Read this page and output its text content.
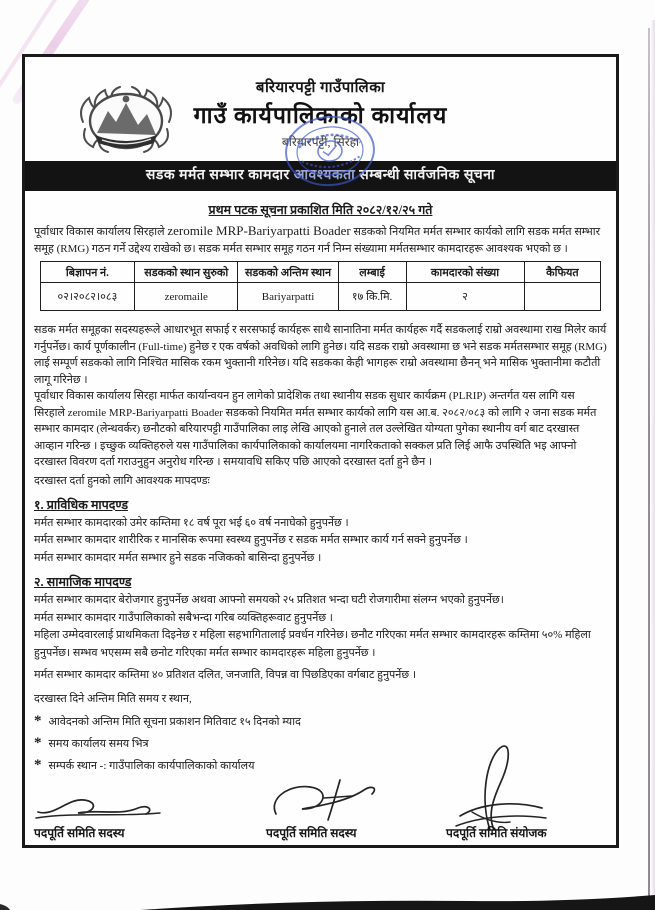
बरियारपट्टी गाउँपालिका
गाउँ कार्यपालिकाको कार्यालय
बरियारपट्टी, सिरहा
सडक मर्मत सम्भार कामदार आवश्यकता सम्बन्धी सार्वजनिक सूचना
प्रथम पटक सूचना प्रकाशित मिति २०८२/१२/२५ गते
पूर्वाधार विकास कार्यालय सिरहाले zeromile MRP-Bariyarpatti Boader सडकको नियमित मर्मत सम्भार कार्यको लागि सडक मर्मत सम्भार समूह (RMG) गठन गर्ने उद्देश्य राखेको छ। सडक मर्मत सम्भार समूह गठन गर्न निम्न संख्यामा मर्मतसम्भार कामदारहरू आवश्यक भएको छ ।
बिज्ञापन नं.	सडकको स्थान सुरुको	सडकको अन्तिम स्थान	लम्बाई	कामदारको संख्या	कैफियत
०२।२०८२।०८३	zeromaile	Bariyarpatti	१७ कि.मि.	२	
सडक मर्मत समूहका सदस्यहरूले आधारभूत सफाई र सरसफाई कार्यहरू साथै सानातिना मर्मत कार्यहरू गर्दै सडकलाई राम्रो अवस्थामा राख मिलेर कार्य गर्नुपर्नेछ। कार्य पूर्णकालीन (Full-time) हुनेछ र एक वर्षको अवधिको लागि हुनेछ। यदि सडक राम्रो अवस्थामा छ भने सडक मर्मतसम्भार समूह (RMG) लाई सम्पूर्ण सडकको लागि निश्चित मासिक रकम भुक्तानी गरिनेछ। यदि सडकका केही भागहरू राम्रो अवस्थामा छैनन् भने मासिक भुक्तानीमा कटौती लागू गरिनेछ ।
पूर्वाधार विकास कार्यालय सिरहा मार्फत कार्यान्वयन हुन लागेको प्रादेशिक तथा स्थानीय सडक सुधार कार्यक्रम (PLRIP) अन्तर्गत यस लागि यस सिरहाले zeromile MRP-Bariyarpatti Boader सडकको नियमित मर्मत सम्भार कार्यको लागि यस आ.ब. २०८२/०८३ को लागि २ जना सडक मर्मत सम्भार कामदार (लेन्थवर्कर) छनौटको बरियारपट्टी गाउँपालिका लाइ लेखि आएको हुनाले तल उल्लेखित योग्यता पुगेका स्थानीय वर्ग बाट दरखास्त आव्हान गरिन्छ । इच्छुक व्यक्तिहरुले यस गाउँपालिका कार्यपालिकाको कार्यालयमा नागरिकताको सक्कल प्रति लिई आफै उपस्थिति भइ आफ्नो दरखास्त विवरण दर्ता गराउनुहुन अनुरोध गरिन्छ । समयावधि सकिए पछि आएको दरखास्त दर्ता हुने छैन ।
दरखास्त दर्ता हुनको लागि आवश्यक मापदण्डः
१. प्राविधिक मापदण्ड
मर्मत सम्भार कामदारको उमेर कम्तिमा १८ वर्ष पूरा भई ६० वर्ष ननाघेको हुनुपर्नेछ ।
मर्मत सम्भार कामदार शारीरिक र मानसिक रूपमा स्वस्थ्य हुनुपर्नेछ र सडक मर्मत सम्भार कार्य गर्न सक्ने हुनुपर्नेछ ।
मर्मत सम्भार कामदार मर्मत सम्भार हुने सडक नजिकको बासिन्दा हुनुपर्नेछ ।
२. सामाजिक मापदण्ड
मर्मत सम्भार कामदार बेरोजगार हुनुपर्नेछ अथवा आफ्नो समयको २५ प्रतिशत भन्दा घटी रोजगारीमा संलग्न भएको हुनुपर्नेछ।
मर्मत सम्भार कामदार गाउँपालिकाको सबैभन्दा गरिब व्यक्तिहरूवाट हुनुपर्नेछ ।
महिला उम्मेदवारलाई प्राथमिकता दिइनेछ र महिला सहभागितालाई प्रवर्धन गरिनेछ। छनौट गरिएका मर्मत सम्भार कामदारहरू कम्तिमा ५०% महिला हुनुपर्नेछ। सम्भव भएसम्म सबै छनोट गरिएका मर्मत सम्भार कामदारहरू महिला हुनुपर्नेछ ।
मर्मत सम्भार कामदार कम्तिमा ४० प्रतिशत दलित, जनजाति, विपन्न वा पिछडिएका वर्गबाट हुनुपर्नेछ ।
दरखास्त दिने अन्तिम मिति समय र स्थान,
* आवेदनको अन्तिम मिति सूचना प्रकाशन मितिवाट १५ दिनको म्याद
* समय कार्यालय समय भित्र
* सम्पर्क स्थान -: गाउँपालिका कार्यपालिकाको कार्यालय
पदपूर्ति समिति सदस्य	पदपूर्ति समिति सदस्य	पदपूर्ति समिति संयोजक
